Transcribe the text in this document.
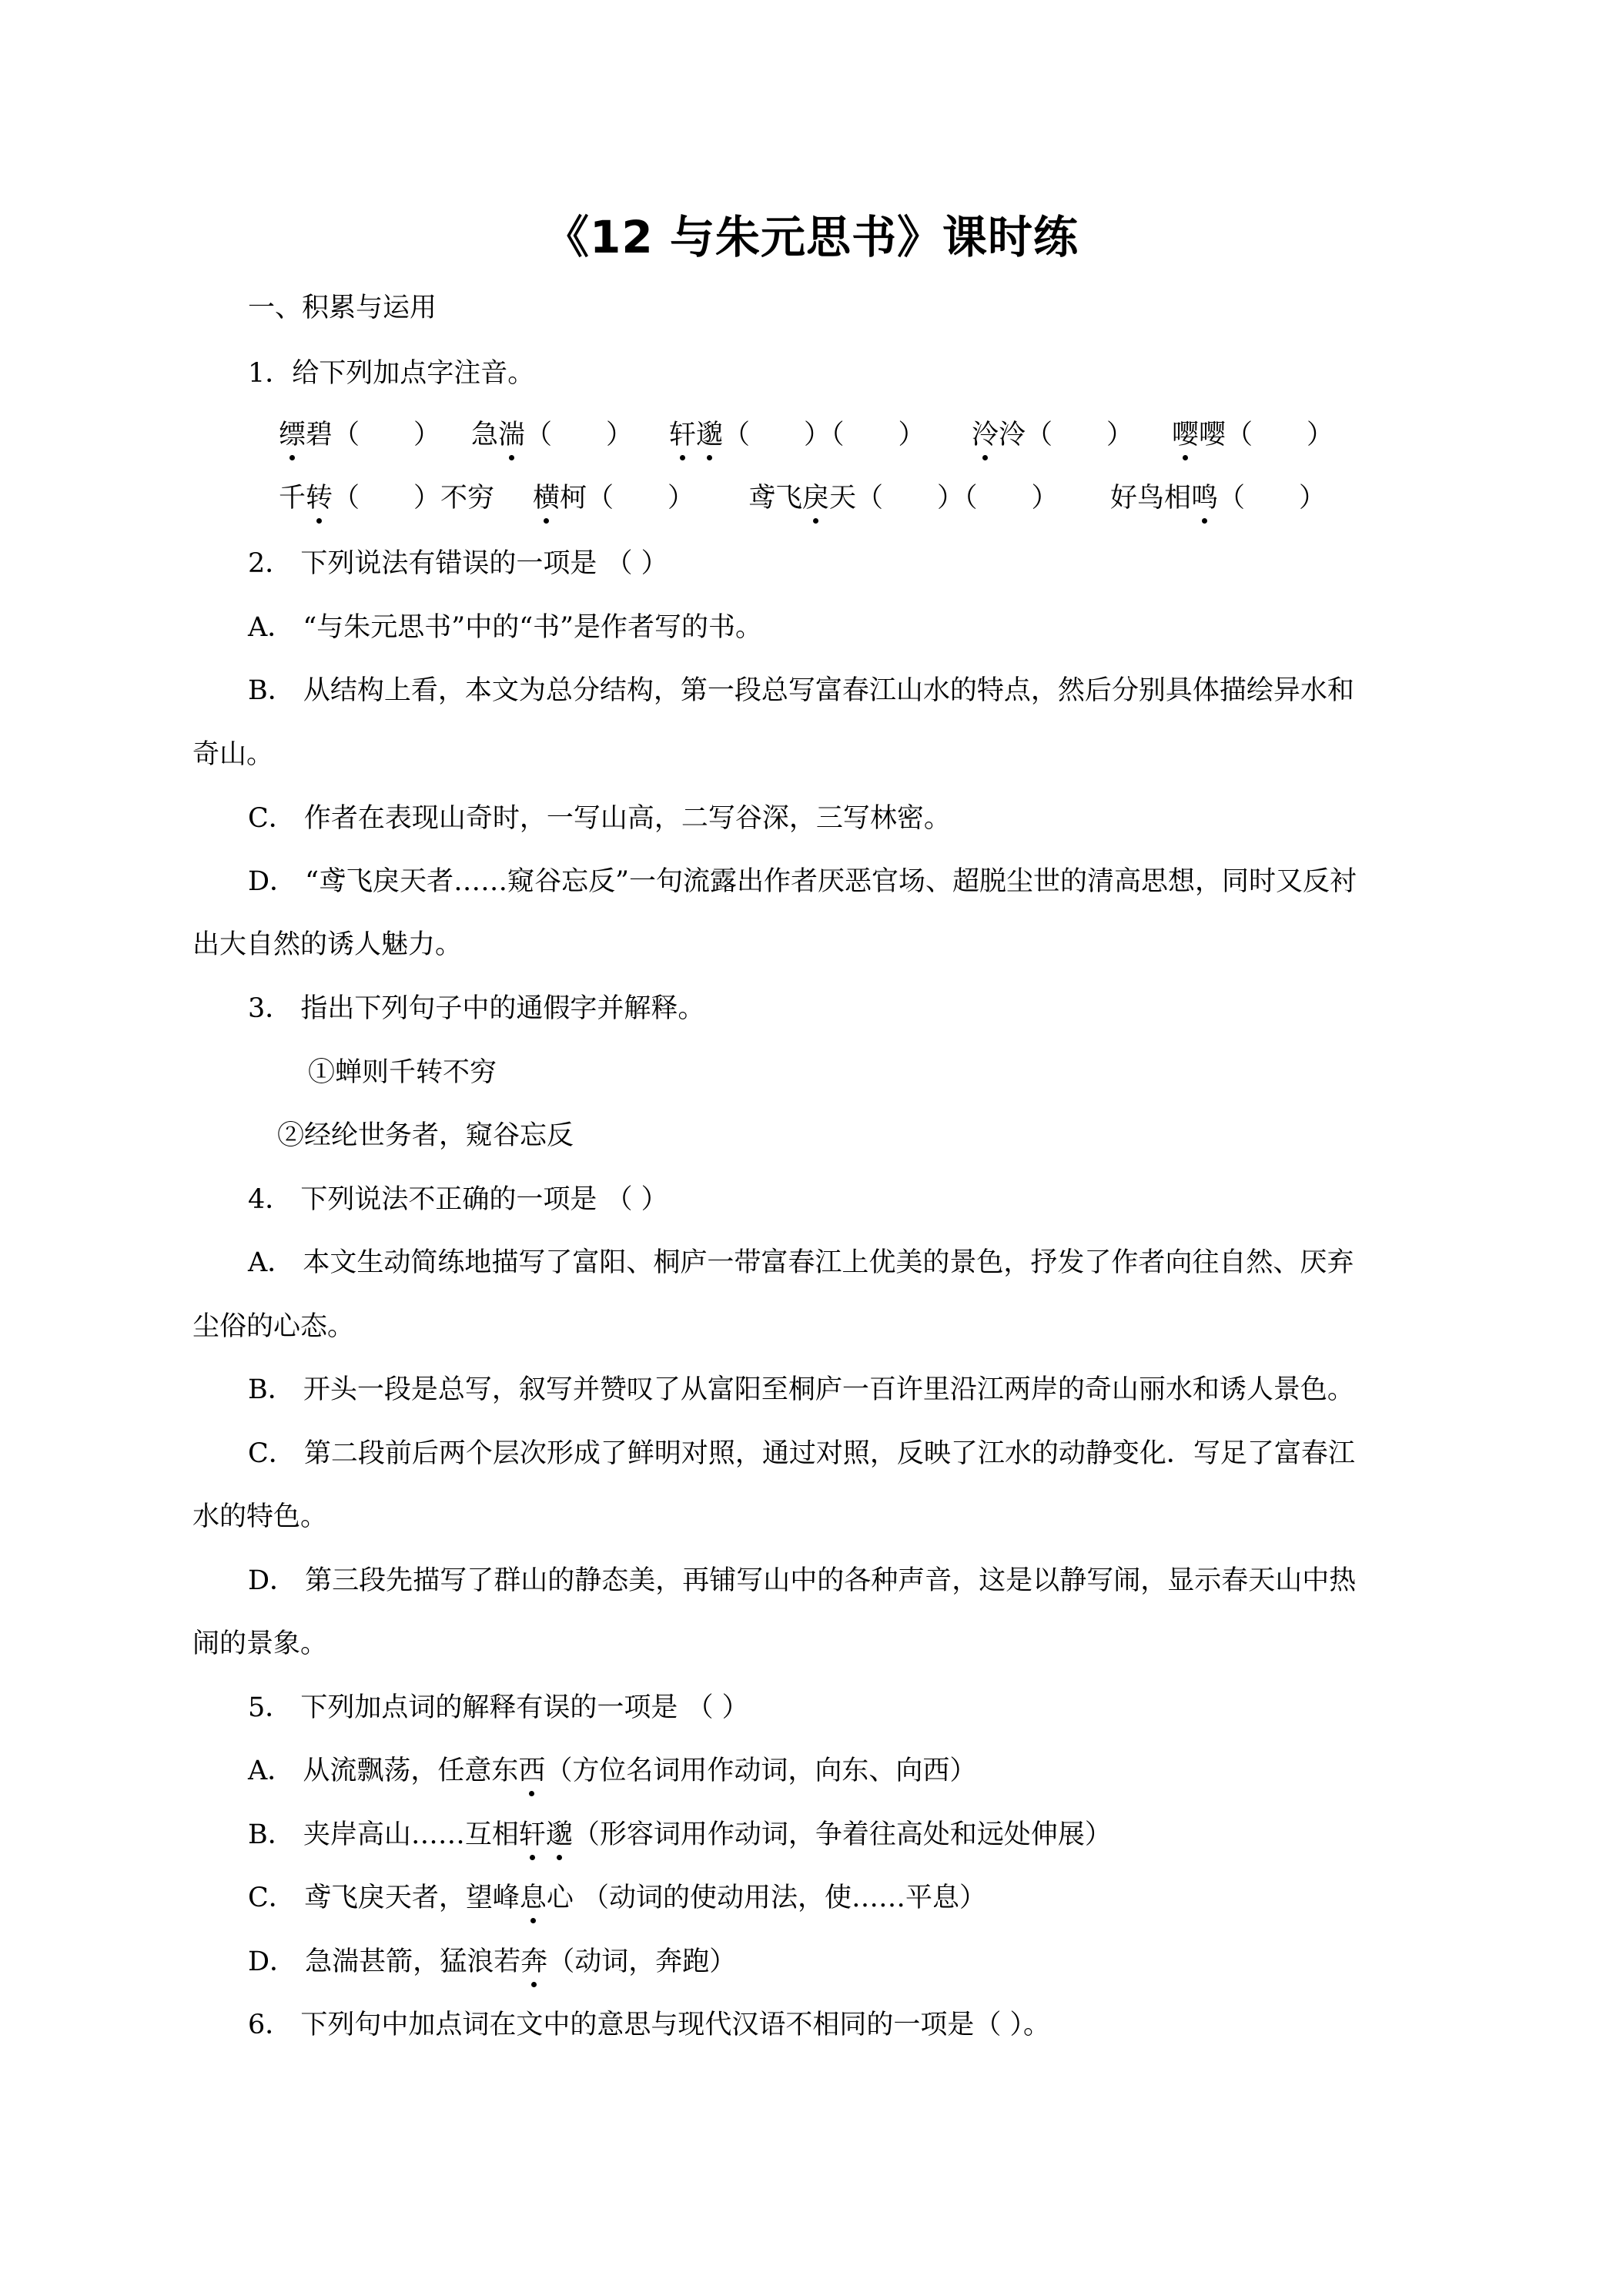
《12 与朱元思书》课时练
一、积累与运用
1．给下列加点字注音。
缥碧（　　） 急湍（　　） 轩邈（　　）（　　） 泠泠（　　） 嘤嘤（　　）
千转（　　）不穷 横柯（　　） 鸢飞戾天（　　）（　　） 好鸟相鸣（　　）
2． 下列说法有错误的一项是 （ ）
A． “与朱元思书”中的“书”是作者写的书。
B． 从结构上看，本文为总分结构，第一段总写富春江山水的特点，然后分别具体描绘异水和
奇山。
C． 作者在表现山奇时，一写山高，二写谷深，三写林密。
D． “鸢飞戾天者……窥谷忘反”一句流露出作者厌恶官场、超脱尘世的清高思想，同时又反衬
出大自然的诱人魅力。
3． 指出下列句子中的通假字并解释。
①蝉则千转不穷
②经纶世务者，窥谷忘反
4． 下列说法不正确的一项是 （ ）
A． 本文生动简练地描写了富阳、桐庐一带富春江上优美的景色，抒发了作者向往自然、厌弃
尘俗的心态。
B． 开头一段是总写，叙写并赞叹了从富阳至桐庐一百许里沿江两岸的奇山丽水和诱人景色。
C． 第二段前后两个层次形成了鲜明对照，通过对照，反映了江水的动静变化．写足了富春江
水的特色。
D． 第三段先描写了群山的静态美，再铺写山中的各种声音，这是以静写闹，显示春天山中热
闹的景象。
5． 下列加点词的解释有误的一项是 （ ）
A． 从流飘荡，任意东西（方位名词用作动词，向东、向西）
B． 夹岸高山……互相轩邈（形容词用作动词，争着往高处和远处伸展）
C． 鸢飞戾天者，望峰息心 （动词的使动用法，使……平息）
D． 急湍甚箭，猛浪若奔（动词，奔跑）
6． 下列句中加点词在文中的意思与现代汉语不相同的一项是（ ）。
